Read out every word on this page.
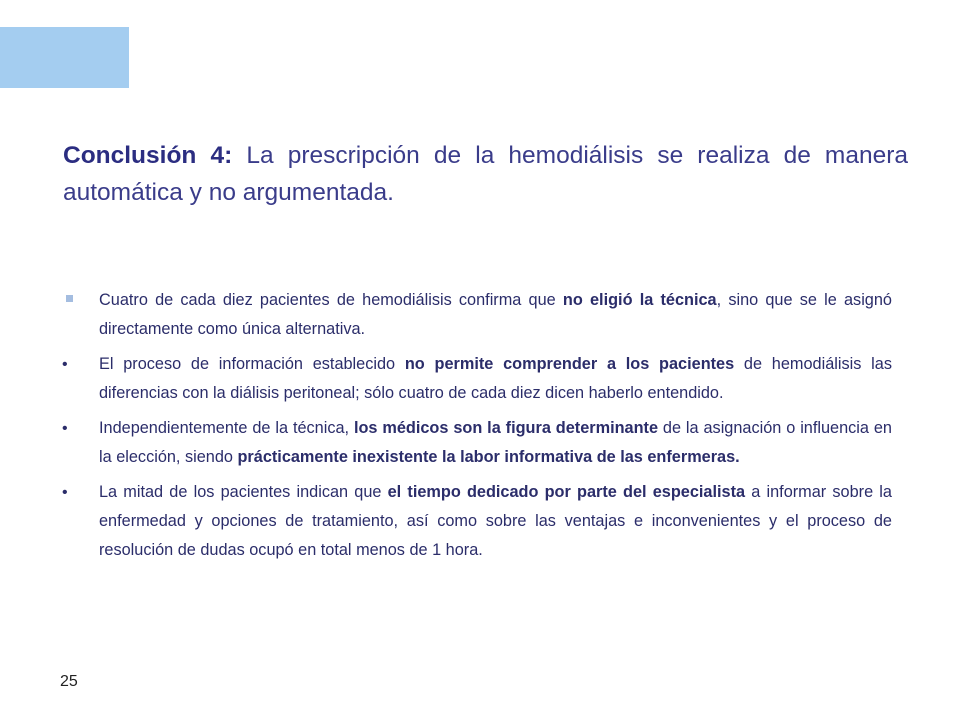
Conclusión 4: La prescripción de la hemodiálisis se realiza de manera automática y no argumentada.
Cuatro de cada diez pacientes de hemodiálisis confirma que no eligió la técnica, sino que se le asignó directamente como única alternativa.
•	El proceso de información establecido no permite comprender a los pacientes de hemodiálisis las diferencias con la diálisis peritoneal; sólo cuatro de cada diez dicen haberlo entendido.
•	Independientemente de la técnica, los médicos son la figura determinante de la asignación o influencia en la elección, siendo prácticamente inexistente la labor informativa de las enfermeras.
•	La mitad de los pacientes indican que el tiempo dedicado por parte del especialista a informar sobre la enfermedad y opciones de tratamiento, así como sobre las ventajas e inconvenientes y el proceso de resolución de dudas ocupó en total menos de 1 hora.
25
